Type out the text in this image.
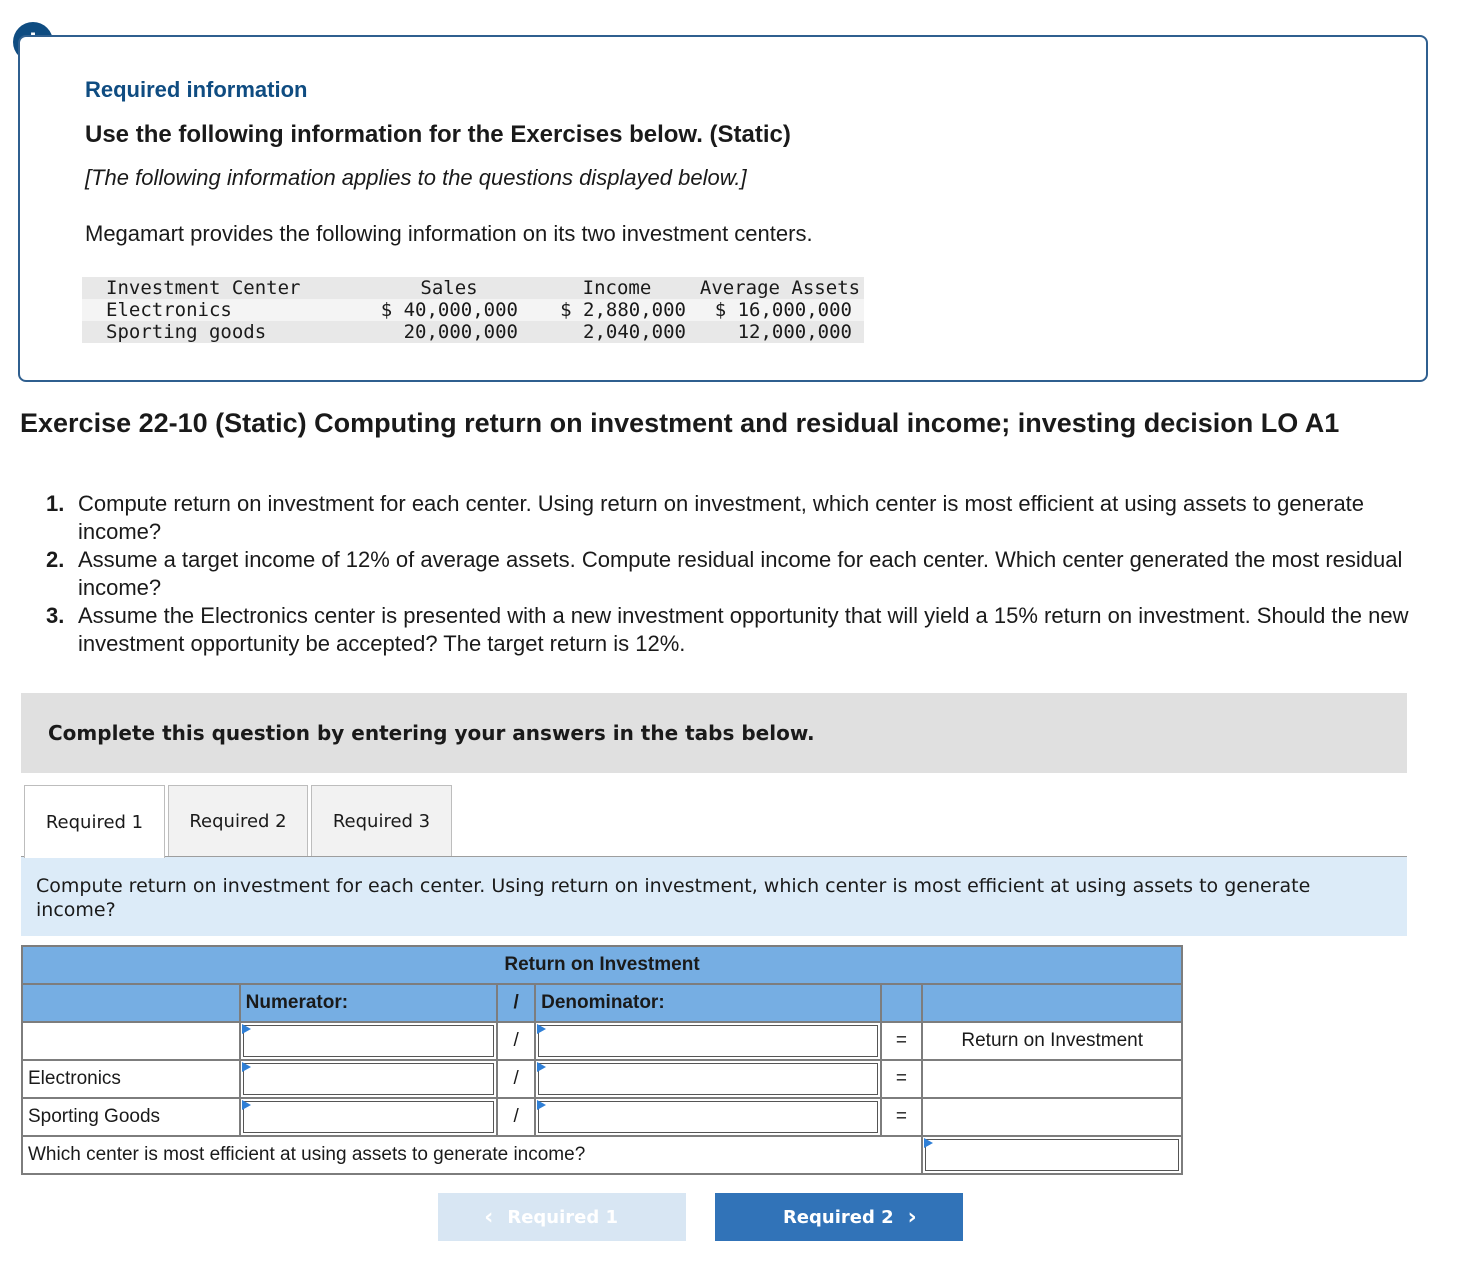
Required information
Use the following information for the Exercises below. (Static)
[The following information applies to the questions displayed below.]
Megamart provides the following information on its two investment centers.
Investment Center	Sales	Income	Average Assets
Electronics	$ 40,000,000	$ 2,880,000	$ 16,000,000
Sporting goods	20,000,000	2,040,000	12,000,000
Exercise 22-10 (Static) Computing return on investment and residual income; investing decision LO A1
1. Compute return on investment for each center. Using return on investment, which center is most efficient at using assets to generate income?
2. Assume a target income of 12% of average assets. Compute residual income for each center. Which center generated the most residual income?
3. Assume the Electronics center is presented with a new investment opportunity that will yield a 15% return on investment. Should the new investment opportunity be accepted? The target return is 12%.
Complete this question by entering your answers in the tabs below.
Required 1	Required 2	Required 3
Compute return on investment for each center. Using return on investment, which center is most efficient at using assets to generate income?
Return on Investment					
	Numerator:	/	Denominator:		

	/		=	Return on Investment
Electronics		/		=	
Sporting Goods		/		=	
Which center is most efficient at using assets to generate income?	
‹ Required 1	Required 2 ›
